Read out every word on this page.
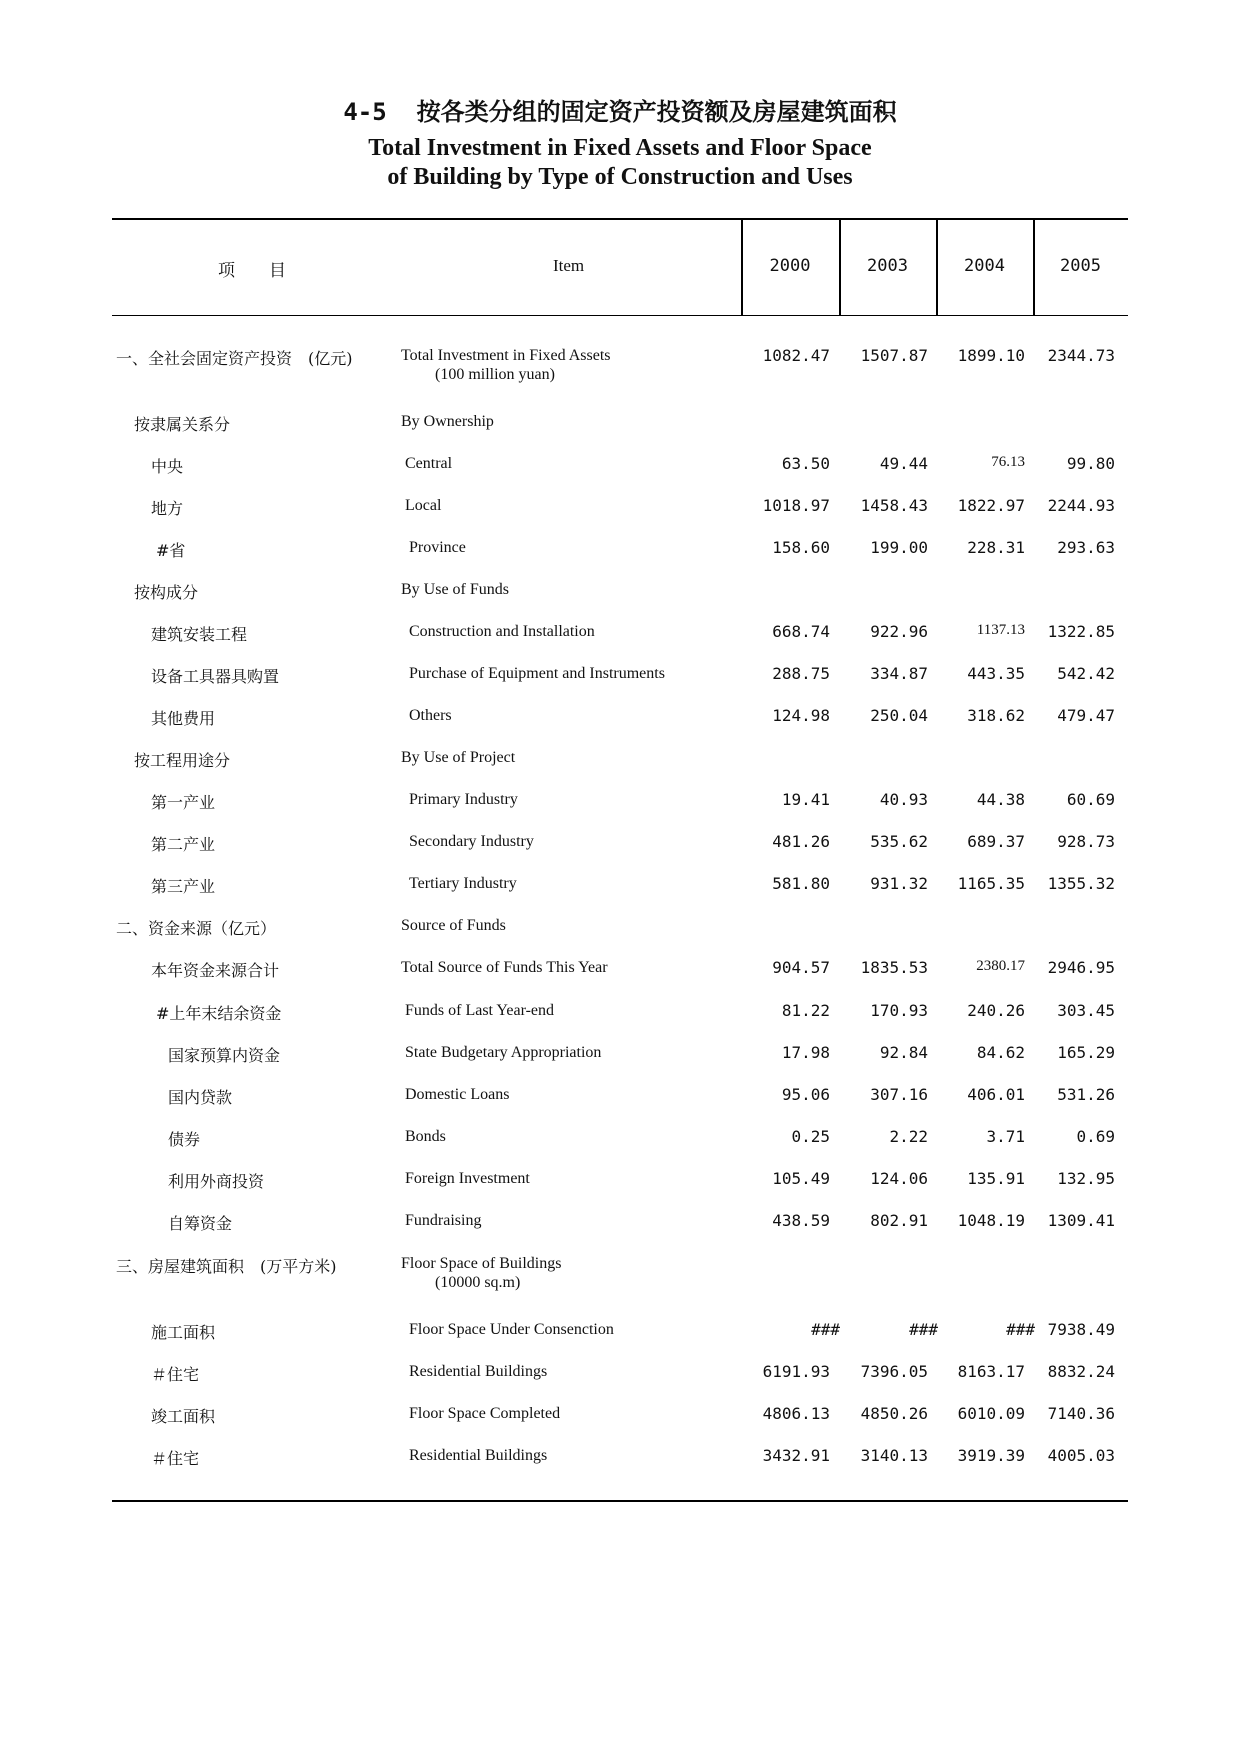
4-5 按各类分组的固定资产投资额及房屋建筑面积
Total Investment in Fixed Assets and Floor Space
of Building by Type of Construction and Uses
项　　目	Item	2000	2003	2004	2005
一、全社会固定资产投资　(亿元)	Total Investment in Fixed Assets
(100 million yuan)
1082.47	1507.87	1899.10	2344.73
按隶属关系分	By Ownership
中央	Central	63.50	49.44	76.13	99.80
地方	Local	1018.97	1458.43	1822.97	2244.93
#省	Province	158.60	199.00	228.31	293.63
按构成分	By Use of Funds
建筑安装工程	Construction and Installation	668.74	922.96	1137.13	1322.85
设备工具器具购置	Purchase of Equipment and Instruments	288.75	334.87	443.35	542.42
其他费用	Others	124.98	250.04	318.62	479.47
按工程用途分	By Use of Project
第一产业	Primary Industry	19.41	40.93	44.38	60.69
第二产业	Secondary Industry	481.26	535.62	689.37	928.73
第三产业	Tertiary Industry	581.80	931.32	1165.35	1355.32
二、资金来源（亿元）	Source of Funds
本年资金来源合计	Total Source of Funds This Year	904.57	1835.53	2380.17	2946.95
#上年末结余资金	Funds of Last Year-end	81.22	170.93	240.26	303.45
国家预算内资金	State Budgetary Appropriation	17.98	92.84	84.62	165.29
国内贷款	Domestic Loans	95.06	307.16	406.01	531.26
债券	Bonds	0.25	2.22	3.71	0.69
利用外商投资	Foreign Investment	105.49	124.06	135.91	132.95
自筹资金	Fundraising	438.59	802.91	1048.19	1309.41
三、房屋建筑面积　(万平方米)	Floor Space of Buildings
(10000 sq.m)
施工面积	Floor Space Under Consenction	###	###	### 7938.49
＃住宅	Residential Buildings	6191.93	7396.05	8163.17	8832.24
竣工面积	Floor Space Completed	4806.13	4850.26	6010.09	7140.36
＃住宅	Residential Buildings	3432.91	3140.13	3919.39	4005.03
